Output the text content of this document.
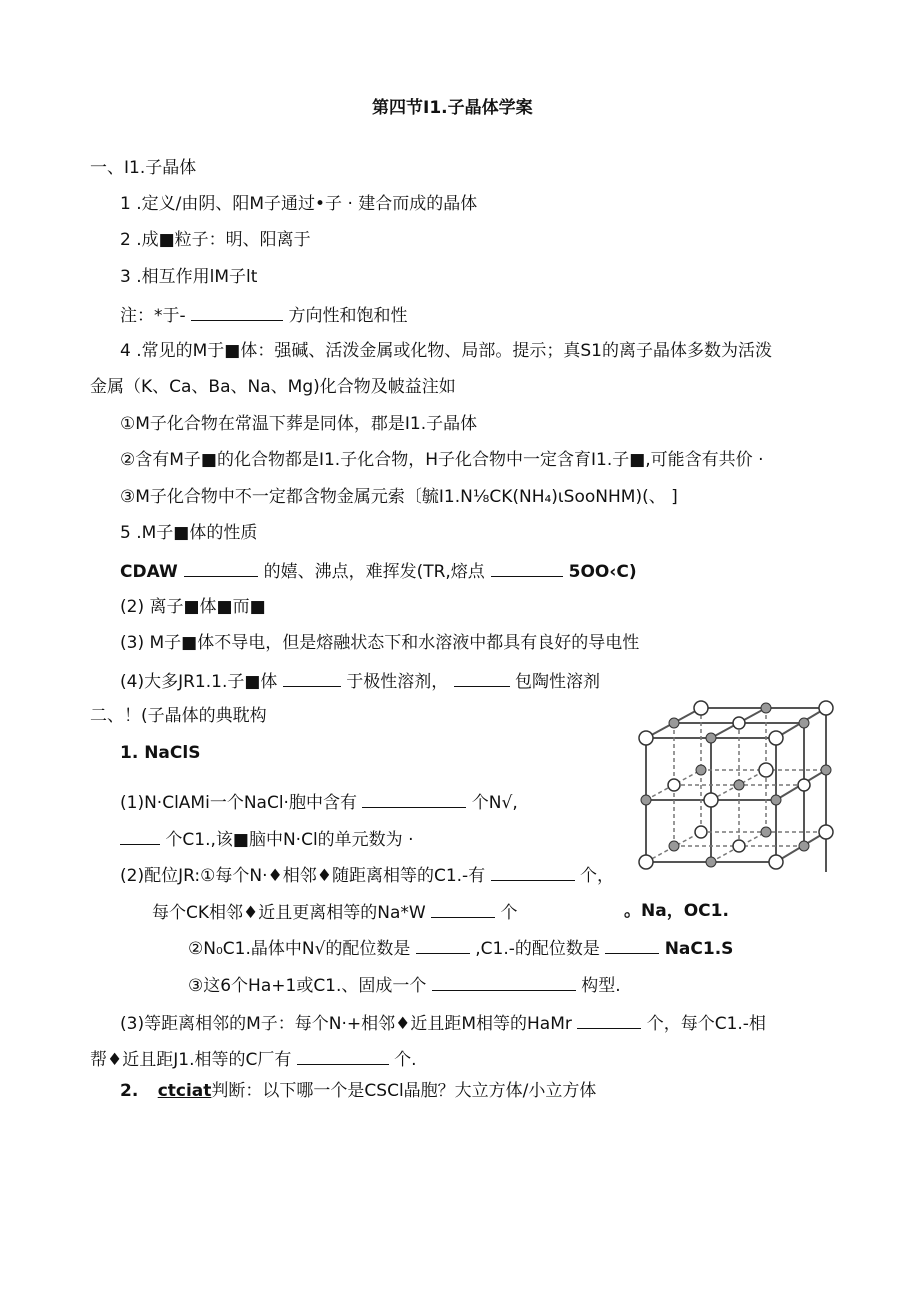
第四节I1.子晶体学案
一、I1.子晶体
1 .定义/由阴、阳M子通过•子 · 建合而成的晶体
2 .成■粒子：明、阳离于
3 .相互作用lM子lt
注：*于-	方向性和饱和性
4 .常见的M于■体：强碱、活泼金属或化物、局部。提示；真S1的离子晶体多数为活泼
金属（K、Ca、Ba、Na、Mg)化合物及帔益注如
①M子化合物在常温下葬是同体，郡是I1.子晶体
②含有M子■的化合物都是I1.子化合物，H子化合物中一定含育I1.子■,可能含有共价 ·
③M子化合物中不一定都含物金属元索〔毓I1.N⅛CK(NH₄)ιSooNHM)(、 ]
5 .M子■体的性质
CDAW	的嬉、沸点，难挥发(TR,熔点	5OO‹C)
(2) 离子■体■而■
(3) M子■体不导电，但是熔融状态下和水溶液中都具有良好的导电性
(4)大多JR1.1.子■体	于极性溶剂，	包陶性溶剂
二、！(子晶体的典耽构
1. NaClS
(1)N·ClAMi一个NaCl·胞中含有	个N√,
个C1.,该■脑中N·Cl的单元数为 ·
(2)配位JR:①每个N·♦相邻♦随距离相等的C1.-有	个，
每个CK相邻♦近且更离相等的Na*W	个	。Na，OC1.
②N₀C1.晶体中N√的配位数是	,C1.-的配位数是	NaC1.S
③这6个Ha+1或C1.、固成一个	构型.
(3)等距离相邻的M子：每个N·+相邻♦近且距M相等的HaMr	个，每个C1.-相
帮♦近且距J1.相等的C厂有	个.
2. ctciat判断：以下哪一个是CSCl晶胞？大立方体/小立方体
